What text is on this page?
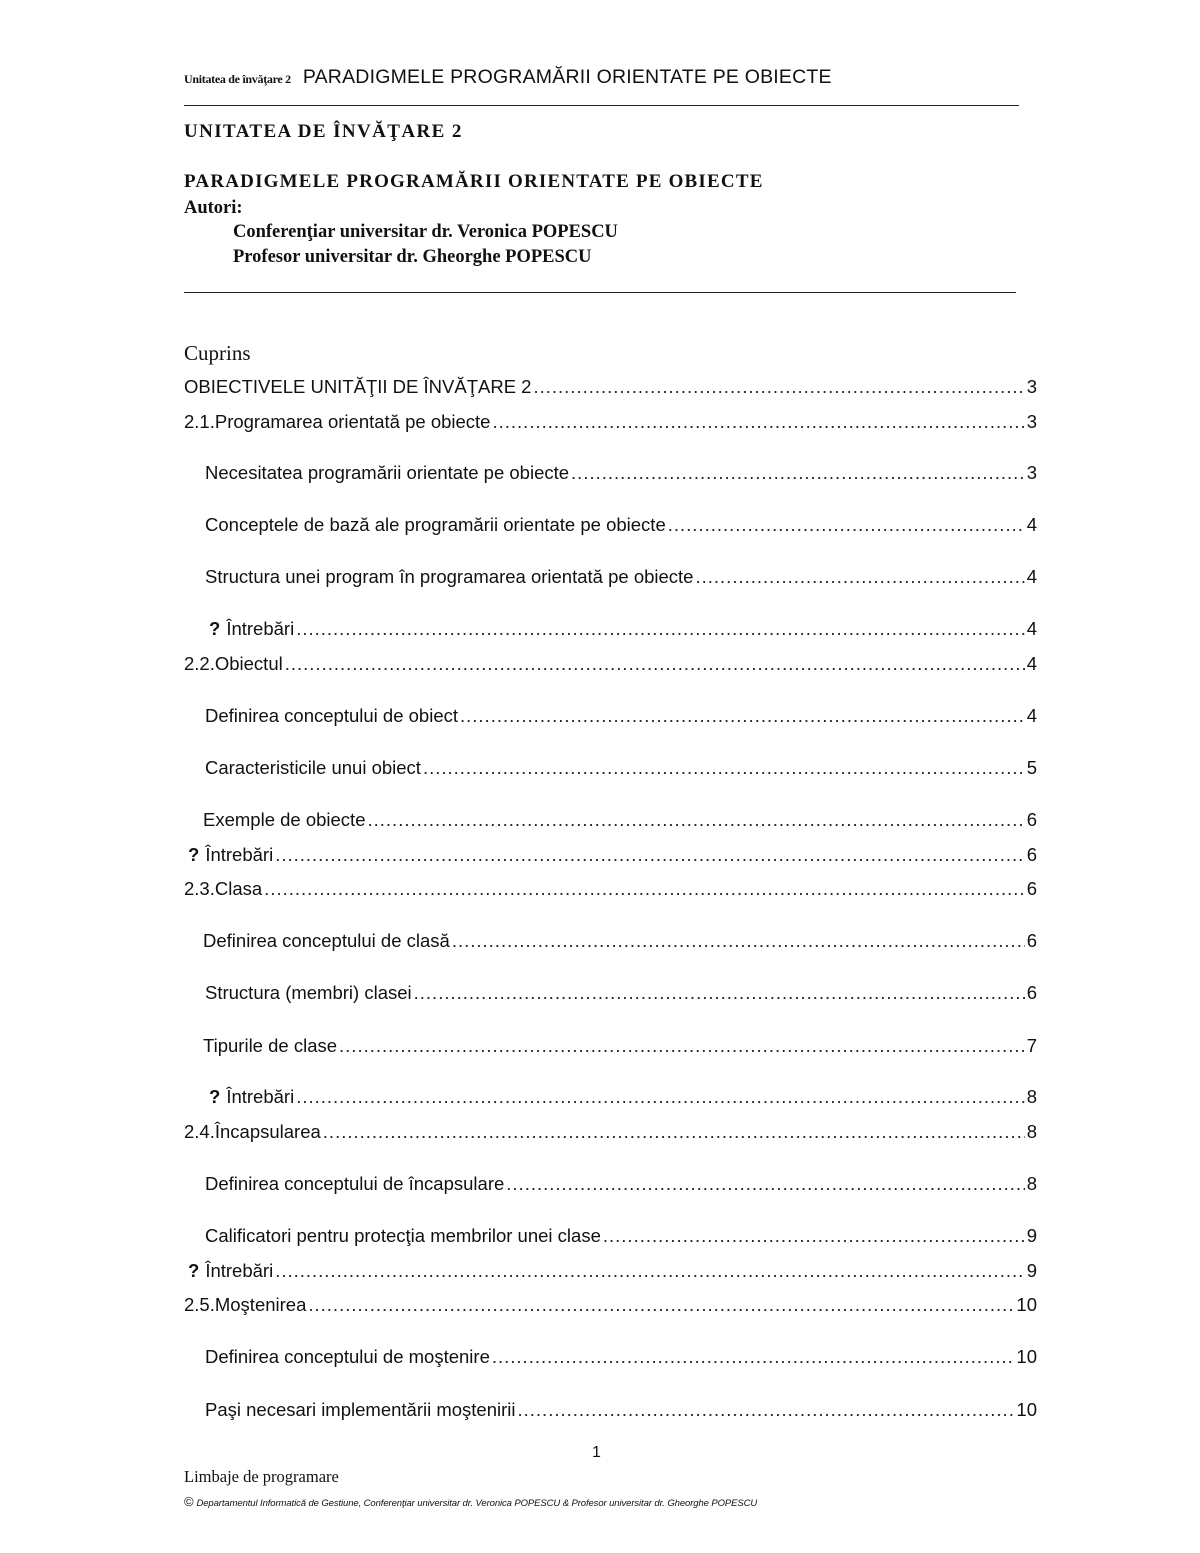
Unitatea de învăţare 2 PARADIGMELE PROGRAMĂRII ORIENTATE PE OBIECTE
UNITATEA DE ÎNVĂŢARE 2
PARADIGMELE PROGRAMĂRII ORIENTATE PE OBIECTE
Autori:
Conferenţiar universitar dr. Veronica POPESCU
Profesor universitar dr. Gheorghe POPESCU
Cuprins
OBIECTIVELE UNITĂŢII DE ÎNVĂŢARE 2 .....	3
2.1. Programarea orientată pe obiecte .....	3
Necesitatea programării orientate pe obiecte .....	3
Conceptele de bază ale programării orientate pe obiecte .....	4
Structura unei program în programarea orientată pe obiecte .....	4
? Întrebări .....	4
2.2. Obiectul .....	4
Definirea conceptului de obiect .....	4
Caracteristicile unui obiect .....	5
Exemple de obiecte .....	6
? Întrebări .....	6
2.3. Clasa .....	6
Definirea conceptului de clasă .....	6
Structura (membri) clasei .....	6
Tipurile de clase .....	7
? Întrebări .....	8
2.4. Încapsularea .....	8
Definirea conceptului de încapsulare .....	8
Calificatori pentru protecţia membrilor unei clase .....	9
? Întrebări .....	9
2.5. Moştenirea .....	10
Definirea conceptului de moştenire .....	10
Paşi necesari implementării moştenirii .....	10
1
Limbaje de programare
© Departamentul Informatică de Gestiune, Conferenţiar universitar dr. Veronica POPESCU & Profesor universitar dr. Gheorghe POPESCU
